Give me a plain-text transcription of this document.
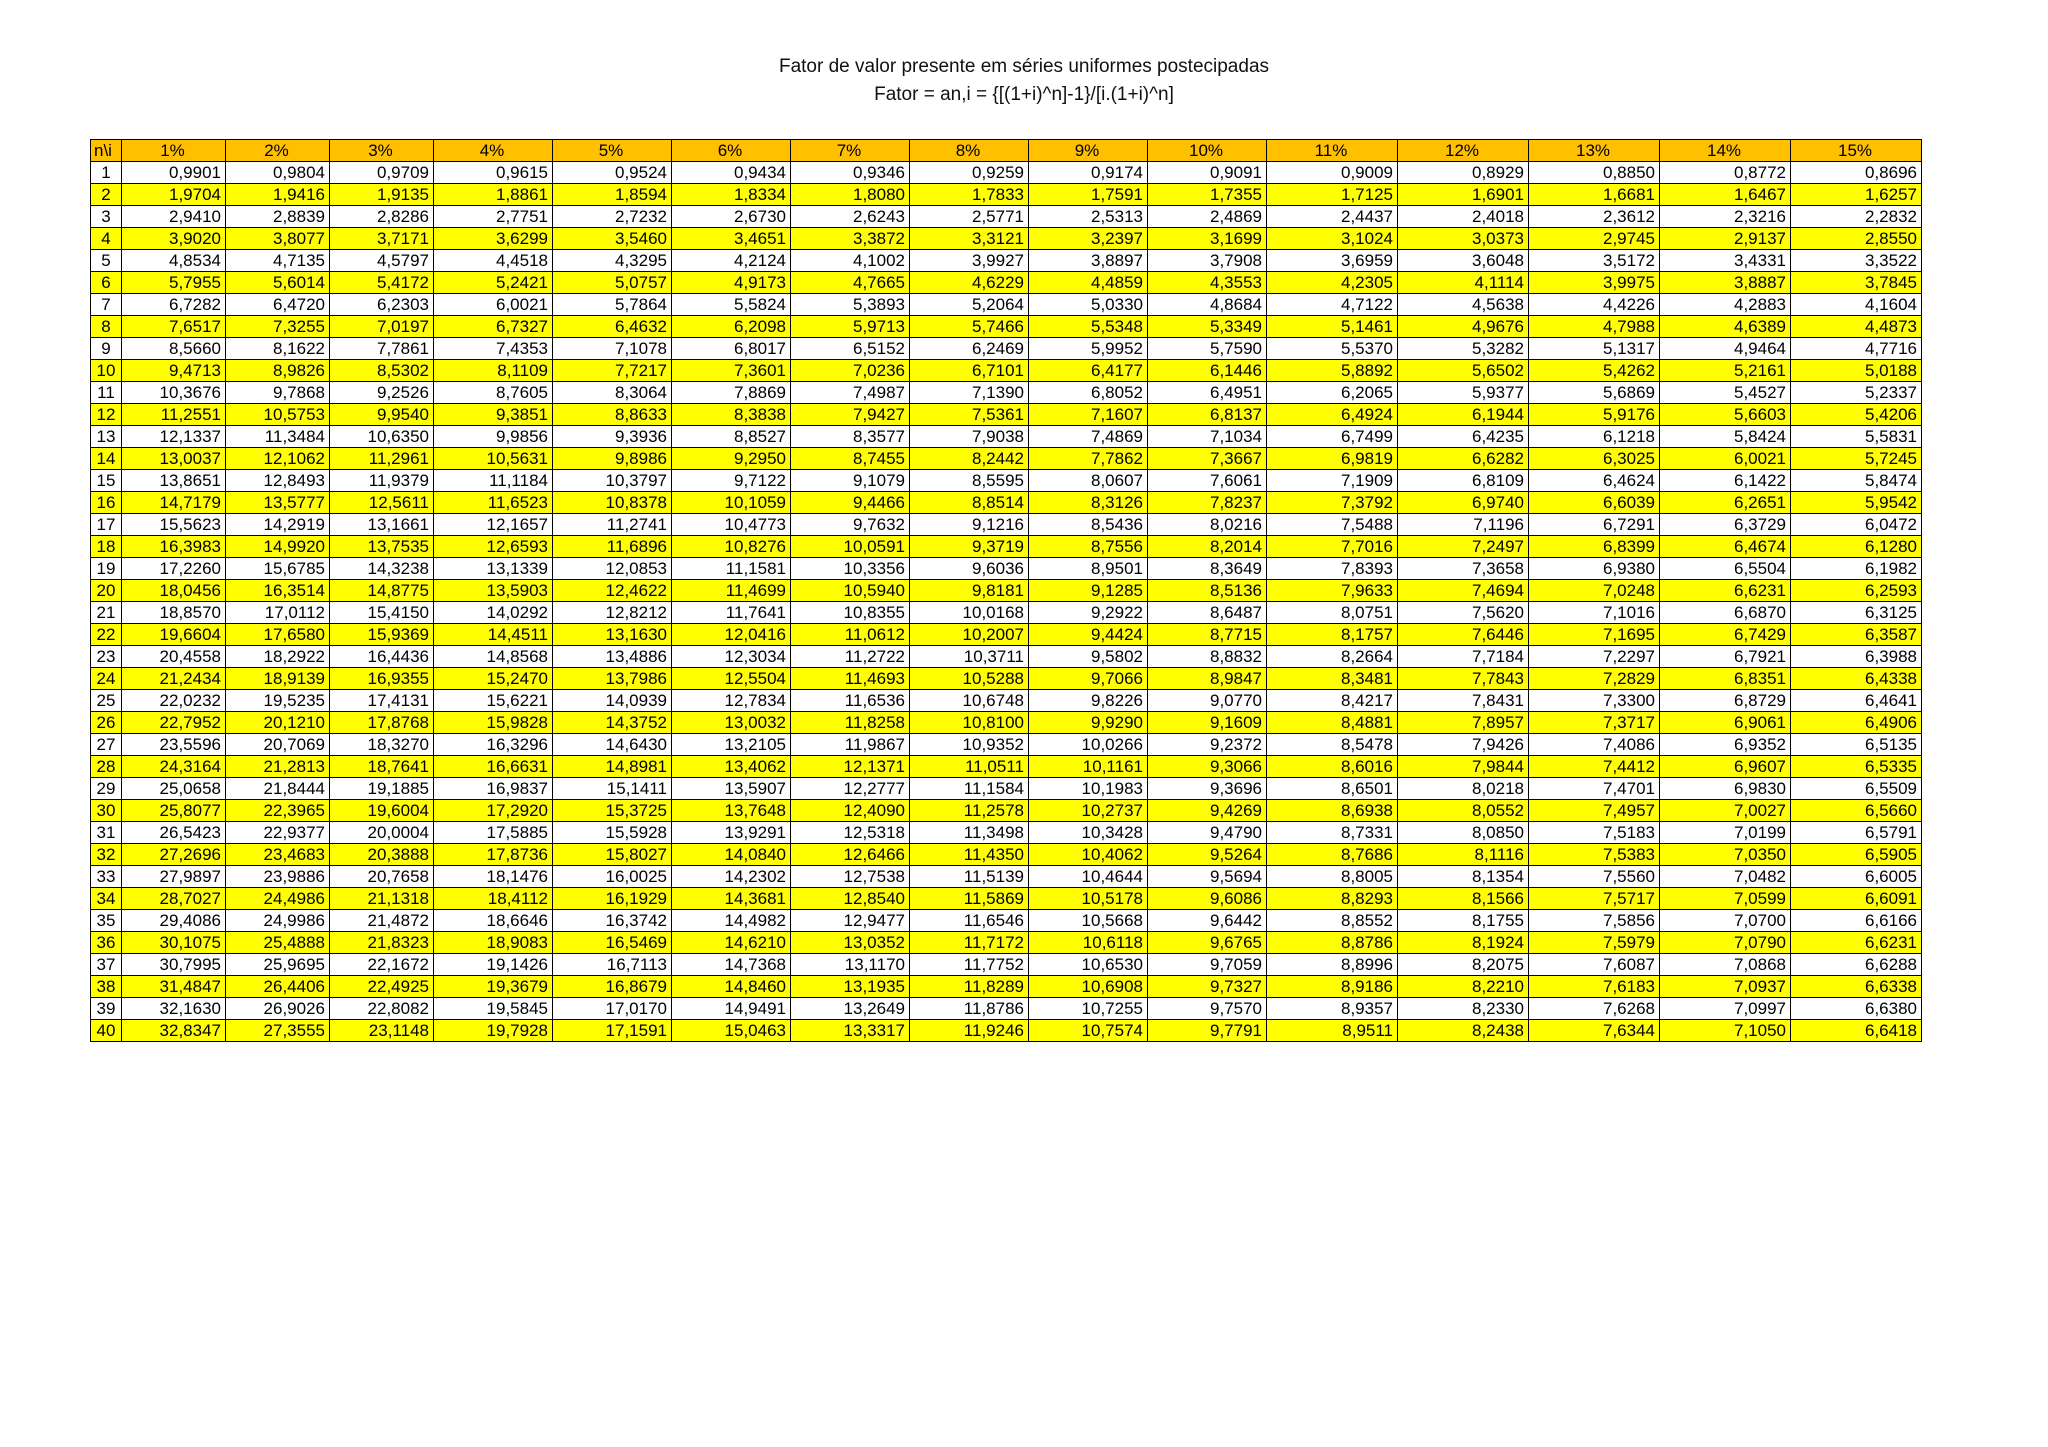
Fator de valor presente em séries uniformes postecipadas
Fator = an,i = {[(1+i)^n]-1}/[i.(1+i)^n]
n\i	1%	2%	3%	4%	5%	6%	7%	8%	9%	10%	11%	12%	13%	14%	15%
1	0,9901	0,9804	0,9709	0,9615	0,9524	0,9434	0,9346	0,9259	0,9174	0,9091	0,9009	0,8929	0,8850	0,8772	0,8696
2	1,9704	1,9416	1,9135	1,8861	1,8594	1,8334	1,8080	1,7833	1,7591	1,7355	1,7125	1,6901	1,6681	1,6467	1,6257
3	2,9410	2,8839	2,8286	2,7751	2,7232	2,6730	2,6243	2,5771	2,5313	2,4869	2,4437	2,4018	2,3612	2,3216	2,2832
4	3,9020	3,8077	3,7171	3,6299	3,5460	3,4651	3,3872	3,3121	3,2397	3,1699	3,1024	3,0373	2,9745	2,9137	2,8550
5	4,8534	4,7135	4,5797	4,4518	4,3295	4,2124	4,1002	3,9927	3,8897	3,7908	3,6959	3,6048	3,5172	3,4331	3,3522
6	5,7955	5,6014	5,4172	5,2421	5,0757	4,9173	4,7665	4,6229	4,4859	4,3553	4,2305	4,1114	3,9975	3,8887	3,7845
7	6,7282	6,4720	6,2303	6,0021	5,7864	5,5824	5,3893	5,2064	5,0330	4,8684	4,7122	4,5638	4,4226	4,2883	4,1604
8	7,6517	7,3255	7,0197	6,7327	6,4632	6,2098	5,9713	5,7466	5,5348	5,3349	5,1461	4,9676	4,7988	4,6389	4,4873
9	8,5660	8,1622	7,7861	7,4353	7,1078	6,8017	6,5152	6,2469	5,9952	5,7590	5,5370	5,3282	5,1317	4,9464	4,7716
10	9,4713	8,9826	8,5302	8,1109	7,7217	7,3601	7,0236	6,7101	6,4177	6,1446	5,8892	5,6502	5,4262	5,2161	5,0188
11	10,3676	9,7868	9,2526	8,7605	8,3064	7,8869	7,4987	7,1390	6,8052	6,4951	6,2065	5,9377	5,6869	5,4527	5,2337
12	11,2551	10,5753	9,9540	9,3851	8,8633	8,3838	7,9427	7,5361	7,1607	6,8137	6,4924	6,1944	5,9176	5,6603	5,4206
13	12,1337	11,3484	10,6350	9,9856	9,3936	8,8527	8,3577	7,9038	7,4869	7,1034	6,7499	6,4235	6,1218	5,8424	5,5831
14	13,0037	12,1062	11,2961	10,5631	9,8986	9,2950	8,7455	8,2442	7,7862	7,3667	6,9819	6,6282	6,3025	6,0021	5,7245
15	13,8651	12,8493	11,9379	11,1184	10,3797	9,7122	9,1079	8,5595	8,0607	7,6061	7,1909	6,8109	6,4624	6,1422	5,8474
16	14,7179	13,5777	12,5611	11,6523	10,8378	10,1059	9,4466	8,8514	8,3126	7,8237	7,3792	6,9740	6,6039	6,2651	5,9542
17	15,5623	14,2919	13,1661	12,1657	11,2741	10,4773	9,7632	9,1216	8,5436	8,0216	7,5488	7,1196	6,7291	6,3729	6,0472
18	16,3983	14,9920	13,7535	12,6593	11,6896	10,8276	10,0591	9,3719	8,7556	8,2014	7,7016	7,2497	6,8399	6,4674	6,1280
19	17,2260	15,6785	14,3238	13,1339	12,0853	11,1581	10,3356	9,6036	8,9501	8,3649	7,8393	7,3658	6,9380	6,5504	6,1982
20	18,0456	16,3514	14,8775	13,5903	12,4622	11,4699	10,5940	9,8181	9,1285	8,5136	7,9633	7,4694	7,0248	6,6231	6,2593
21	18,8570	17,0112	15,4150	14,0292	12,8212	11,7641	10,8355	10,0168	9,2922	8,6487	8,0751	7,5620	7,1016	6,6870	6,3125
22	19,6604	17,6580	15,9369	14,4511	13,1630	12,0416	11,0612	10,2007	9,4424	8,7715	8,1757	7,6446	7,1695	6,7429	6,3587
23	20,4558	18,2922	16,4436	14,8568	13,4886	12,3034	11,2722	10,3711	9,5802	8,8832	8,2664	7,7184	7,2297	6,7921	6,3988
24	21,2434	18,9139	16,9355	15,2470	13,7986	12,5504	11,4693	10,5288	9,7066	8,9847	8,3481	7,7843	7,2829	6,8351	6,4338
25	22,0232	19,5235	17,4131	15,6221	14,0939	12,7834	11,6536	10,6748	9,8226	9,0770	8,4217	7,8431	7,3300	6,8729	6,4641
26	22,7952	20,1210	17,8768	15,9828	14,3752	13,0032	11,8258	10,8100	9,9290	9,1609	8,4881	7,8957	7,3717	6,9061	6,4906
27	23,5596	20,7069	18,3270	16,3296	14,6430	13,2105	11,9867	10,9352	10,0266	9,2372	8,5478	7,9426	7,4086	6,9352	6,5135
28	24,3164	21,2813	18,7641	16,6631	14,8981	13,4062	12,1371	11,0511	10,1161	9,3066	8,6016	7,9844	7,4412	6,9607	6,5335
29	25,0658	21,8444	19,1885	16,9837	15,1411	13,5907	12,2777	11,1584	10,1983	9,3696	8,6501	8,0218	7,4701	6,9830	6,5509
30	25,8077	22,3965	19,6004	17,2920	15,3725	13,7648	12,4090	11,2578	10,2737	9,4269	8,6938	8,0552	7,4957	7,0027	6,5660
31	26,5423	22,9377	20,0004	17,5885	15,5928	13,9291	12,5318	11,3498	10,3428	9,4790	8,7331	8,0850	7,5183	7,0199	6,5791
32	27,2696	23,4683	20,3888	17,8736	15,8027	14,0840	12,6466	11,4350	10,4062	9,5264	8,7686	8,1116	7,5383	7,0350	6,5905
33	27,9897	23,9886	20,7658	18,1476	16,0025	14,2302	12,7538	11,5139	10,4644	9,5694	8,8005	8,1354	7,5560	7,0482	6,6005
34	28,7027	24,4986	21,1318	18,4112	16,1929	14,3681	12,8540	11,5869	10,5178	9,6086	8,8293	8,1566	7,5717	7,0599	6,6091
35	29,4086	24,9986	21,4872	18,6646	16,3742	14,4982	12,9477	11,6546	10,5668	9,6442	8,8552	8,1755	7,5856	7,0700	6,6166
36	30,1075	25,4888	21,8323	18,9083	16,5469	14,6210	13,0352	11,7172	10,6118	9,6765	8,8786	8,1924	7,5979	7,0790	6,6231
37	30,7995	25,9695	22,1672	19,1426	16,7113	14,7368	13,1170	11,7752	10,6530	9,7059	8,8996	8,2075	7,6087	7,0868	6,6288
38	31,4847	26,4406	22,4925	19,3679	16,8679	14,8460	13,1935	11,8289	10,6908	9,7327	8,9186	8,2210	7,6183	7,0937	6,6338
39	32,1630	26,9026	22,8082	19,5845	17,0170	14,9491	13,2649	11,8786	10,7255	9,7570	8,9357	8,2330	7,6268	7,0997	6,6380
40	32,8347	27,3555	23,1148	19,7928	17,1591	15,0463	13,3317	11,9246	10,7574	9,7791	8,9511	8,2438	7,6344	7,1050	6,6418
